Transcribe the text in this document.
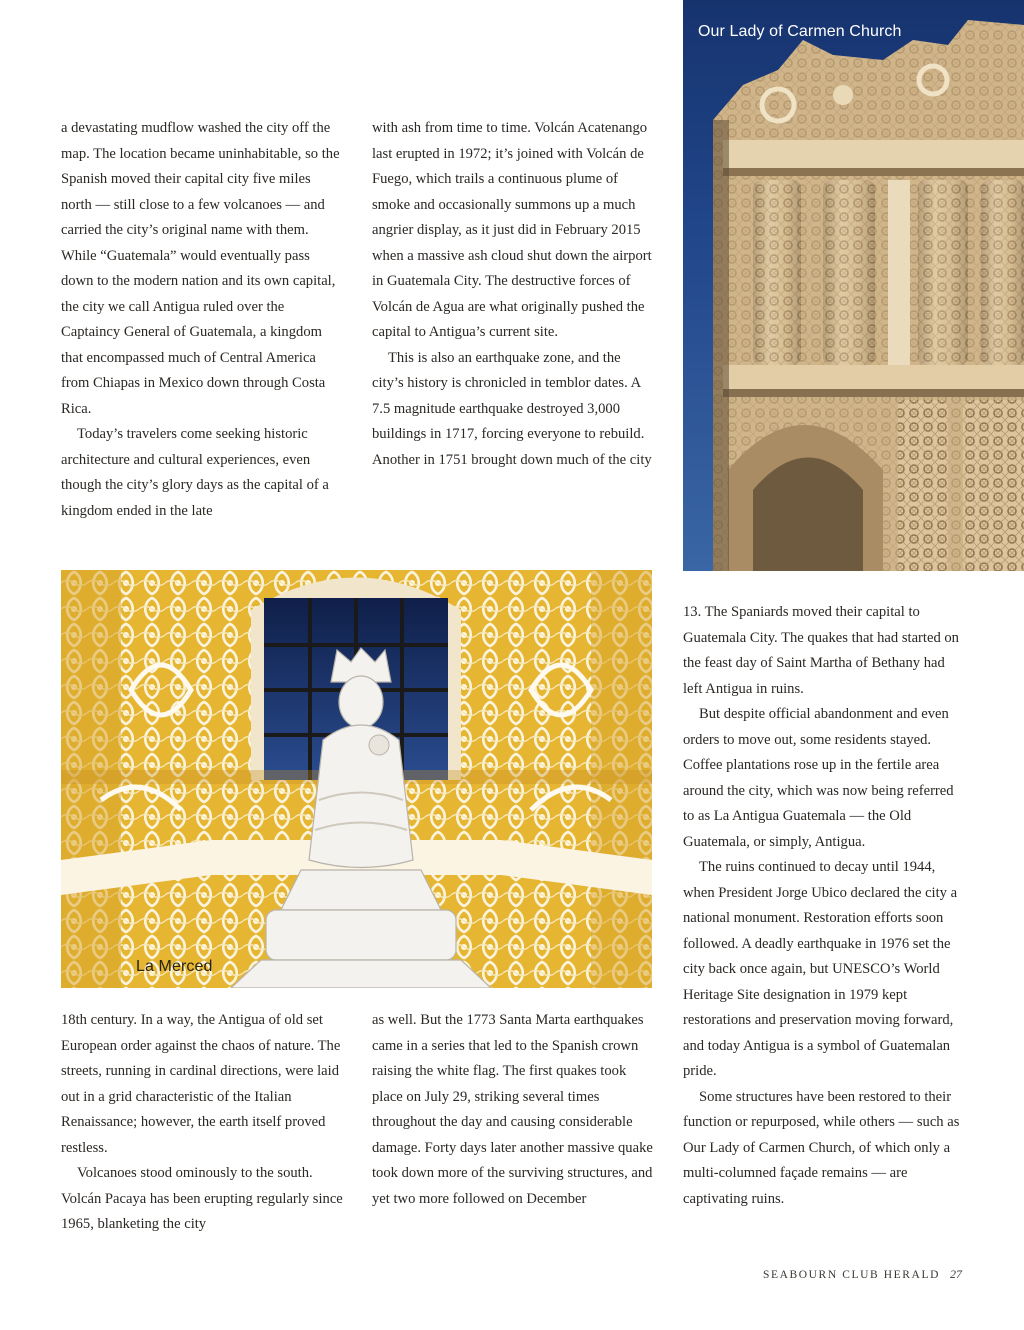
Our Lady of Carmen Church

a devastating mudflow washed the city off the map. The location became uninhabitable, so the Spanish moved their capital city five miles north — still close to a few volcanoes — and carried the city’s original name with them. While “Guatemala” would eventually pass down to the modern nation and its own capital, the city we call Antigua ruled over the Captaincy General of Guatemala, a kingdom that encompassed much of Central America from Chiapas in Mexico down through Costa Rica.

Today’s travelers come seeking historic architecture and cultural experiences, even though the city’s glory days as the capital of a kingdom ended in the late

with ash from time to time. Volcán Acatenango last erupted in 1972; it’s joined with Volcán de Fuego, which trails a continuous plume of smoke and occasionally summons up a much angrier display, as it just did in February 2015 when a massive ash cloud shut down the airport in Guatemala City. The destructive forces of Volcán de Agua are what originally pushed the capital to Antigua’s current site.

This is also an earthquake zone, and the city’s history is chronicled in temblor dates. A 7.5 magnitude earthquake destroyed 3,000 buildings in 1717, forcing everyone to rebuild. Another in 1751 brought down much of the city

La Merced

18th century. In a way, the Antigua of old set European order against the chaos of nature. The streets, running in cardinal directions, were laid out in a grid characteristic of the Italian Renaissance; however, the earth itself proved restless.

Volcanoes stood ominously to the south. Volcán Pacaya has been erupting regularly since 1965, blanketing the city

as well. But the 1773 Santa Marta earthquakes came in a series that led to the Spanish crown raising the white flag. The first quakes took place on July 29, striking several times throughout the day and causing considerable damage. Forty days later another massive quake took down more of the surviving structures, and yet two more followed on December

13. The Spaniards moved their capital to Guatemala City. The quakes that had started on the feast day of Saint Martha of Bethany had left Antigua in ruins.

But despite official abandonment and even orders to move out, some residents stayed. Coffee plantations rose up in the fertile area around the city, which was now being referred to as La Antigua Guatemala — the Old Guatemala, or simply, Antigua.

The ruins continued to decay until 1944, when President Jorge Ubico declared the city a national monument. Restoration efforts soon followed. A deadly earthquake in 1976 set the city back once again, but UNESCO’s World Heritage Site designation in 1979 kept restorations and preservation moving forward, and today Antigua is a symbol of Guatemalan pride.

Some structures have been restored to their function or repurposed, while others — such as Our Lady of Carmen Church, of which only a multi-columned façade remains — are captivating ruins.

SEABOURN CLUB HERALD 27
